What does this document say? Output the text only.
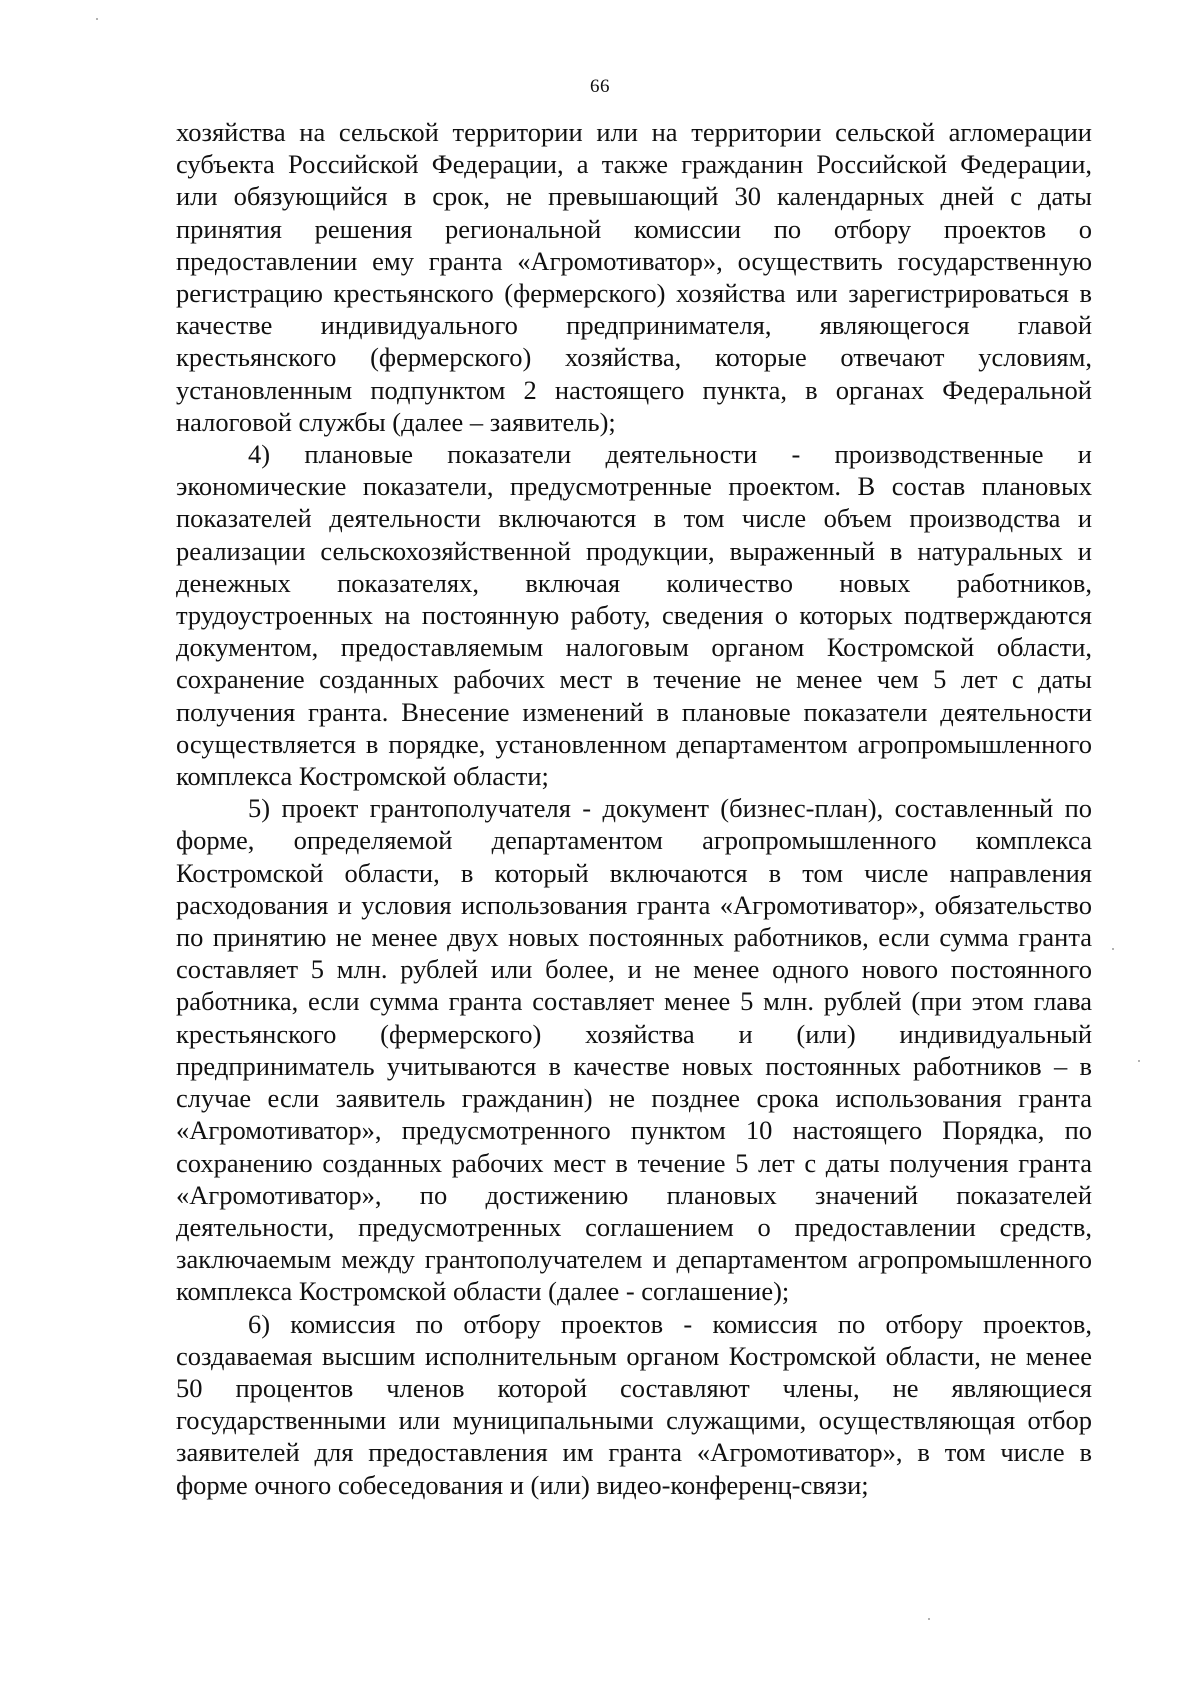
66

хозяйства на сельской территории или на территории сельской агломерации субъекта Российской Федерации, а также гражданин Российской Федерации, или обязующийся в срок, не превышающий 30 календарных дней с даты принятия решения региональной комиссии по отбору проектов о предоставлении ему гранта «Агромотиватор», осуществить государственную регистрацию крестьянского (фермерского) хозяйства или зарегистрироваться в качестве индивидуального предпринимателя, являющегося главой крестьянского (фермерского) хозяйства, которые отвечают условиям, установленным подпунктом 2 настоящего пункта, в органах Федеральной налоговой службы (далее – заявитель);

4) плановые показатели деятельности - производственные и экономические показатели, предусмотренные проектом. В состав плановых показателей деятельности включаются в том числе объем производства и реализации сельскохозяйственной продукции, выраженный в натуральных и денежных показателях, включая количество новых работников, трудоустроенных на постоянную работу, сведения о которых подтверждаются документом, предоставляемым налоговым органом Костромской области, сохранение созданных рабочих мест в течение не менее чем 5 лет с даты получения гранта. Внесение изменений в плановые показатели деятельности осуществляется в порядке, установленном департаментом агропромышленного комплекса Костромской области;

5) проект грантополучателя - документ (бизнес-план), составленный по форме, определяемой департаментом агропромышленного комплекса Костромской области, в который включаются в том числе направления расходования и условия использования гранта «Агромотиватор», обязательство по принятию не менее двух новых постоянных работников, если сумма гранта составляет 5 млн. рублей или более, и не менее одного нового постоянного работника, если сумма гранта составляет менее 5 млн. рублей (при этом глава крестьянского (фермерского) хозяйства и (или) индивидуальный предприниматель учитываются в качестве новых постоянных работников – в случае если заявитель гражданин) не позднее срока использования гранта «Агромотиватор», предусмотренного пунктом 10 настоящего Порядка, по сохранению созданных рабочих мест в течение 5 лет с даты получения гранта «Агромотиватор», по достижению плановых значений показателей деятельности, предусмотренных соглашением о предоставлении средств, заключаемым между грантополучателем и департаментом агропромышленного комплекса Костромской области (далее - соглашение);

6) комиссия по отбору проектов - комиссия по отбору проектов, создаваемая высшим исполнительным органом Костромской области, не менее 50 процентов членов которой составляют члены, не являющиеся государственными или муниципальными служащими, осуществляющая отбор заявителей для предоставления им гранта «Агромотиватор», в том числе в форме очного собеседования и (или) видео-конференц-связи;
